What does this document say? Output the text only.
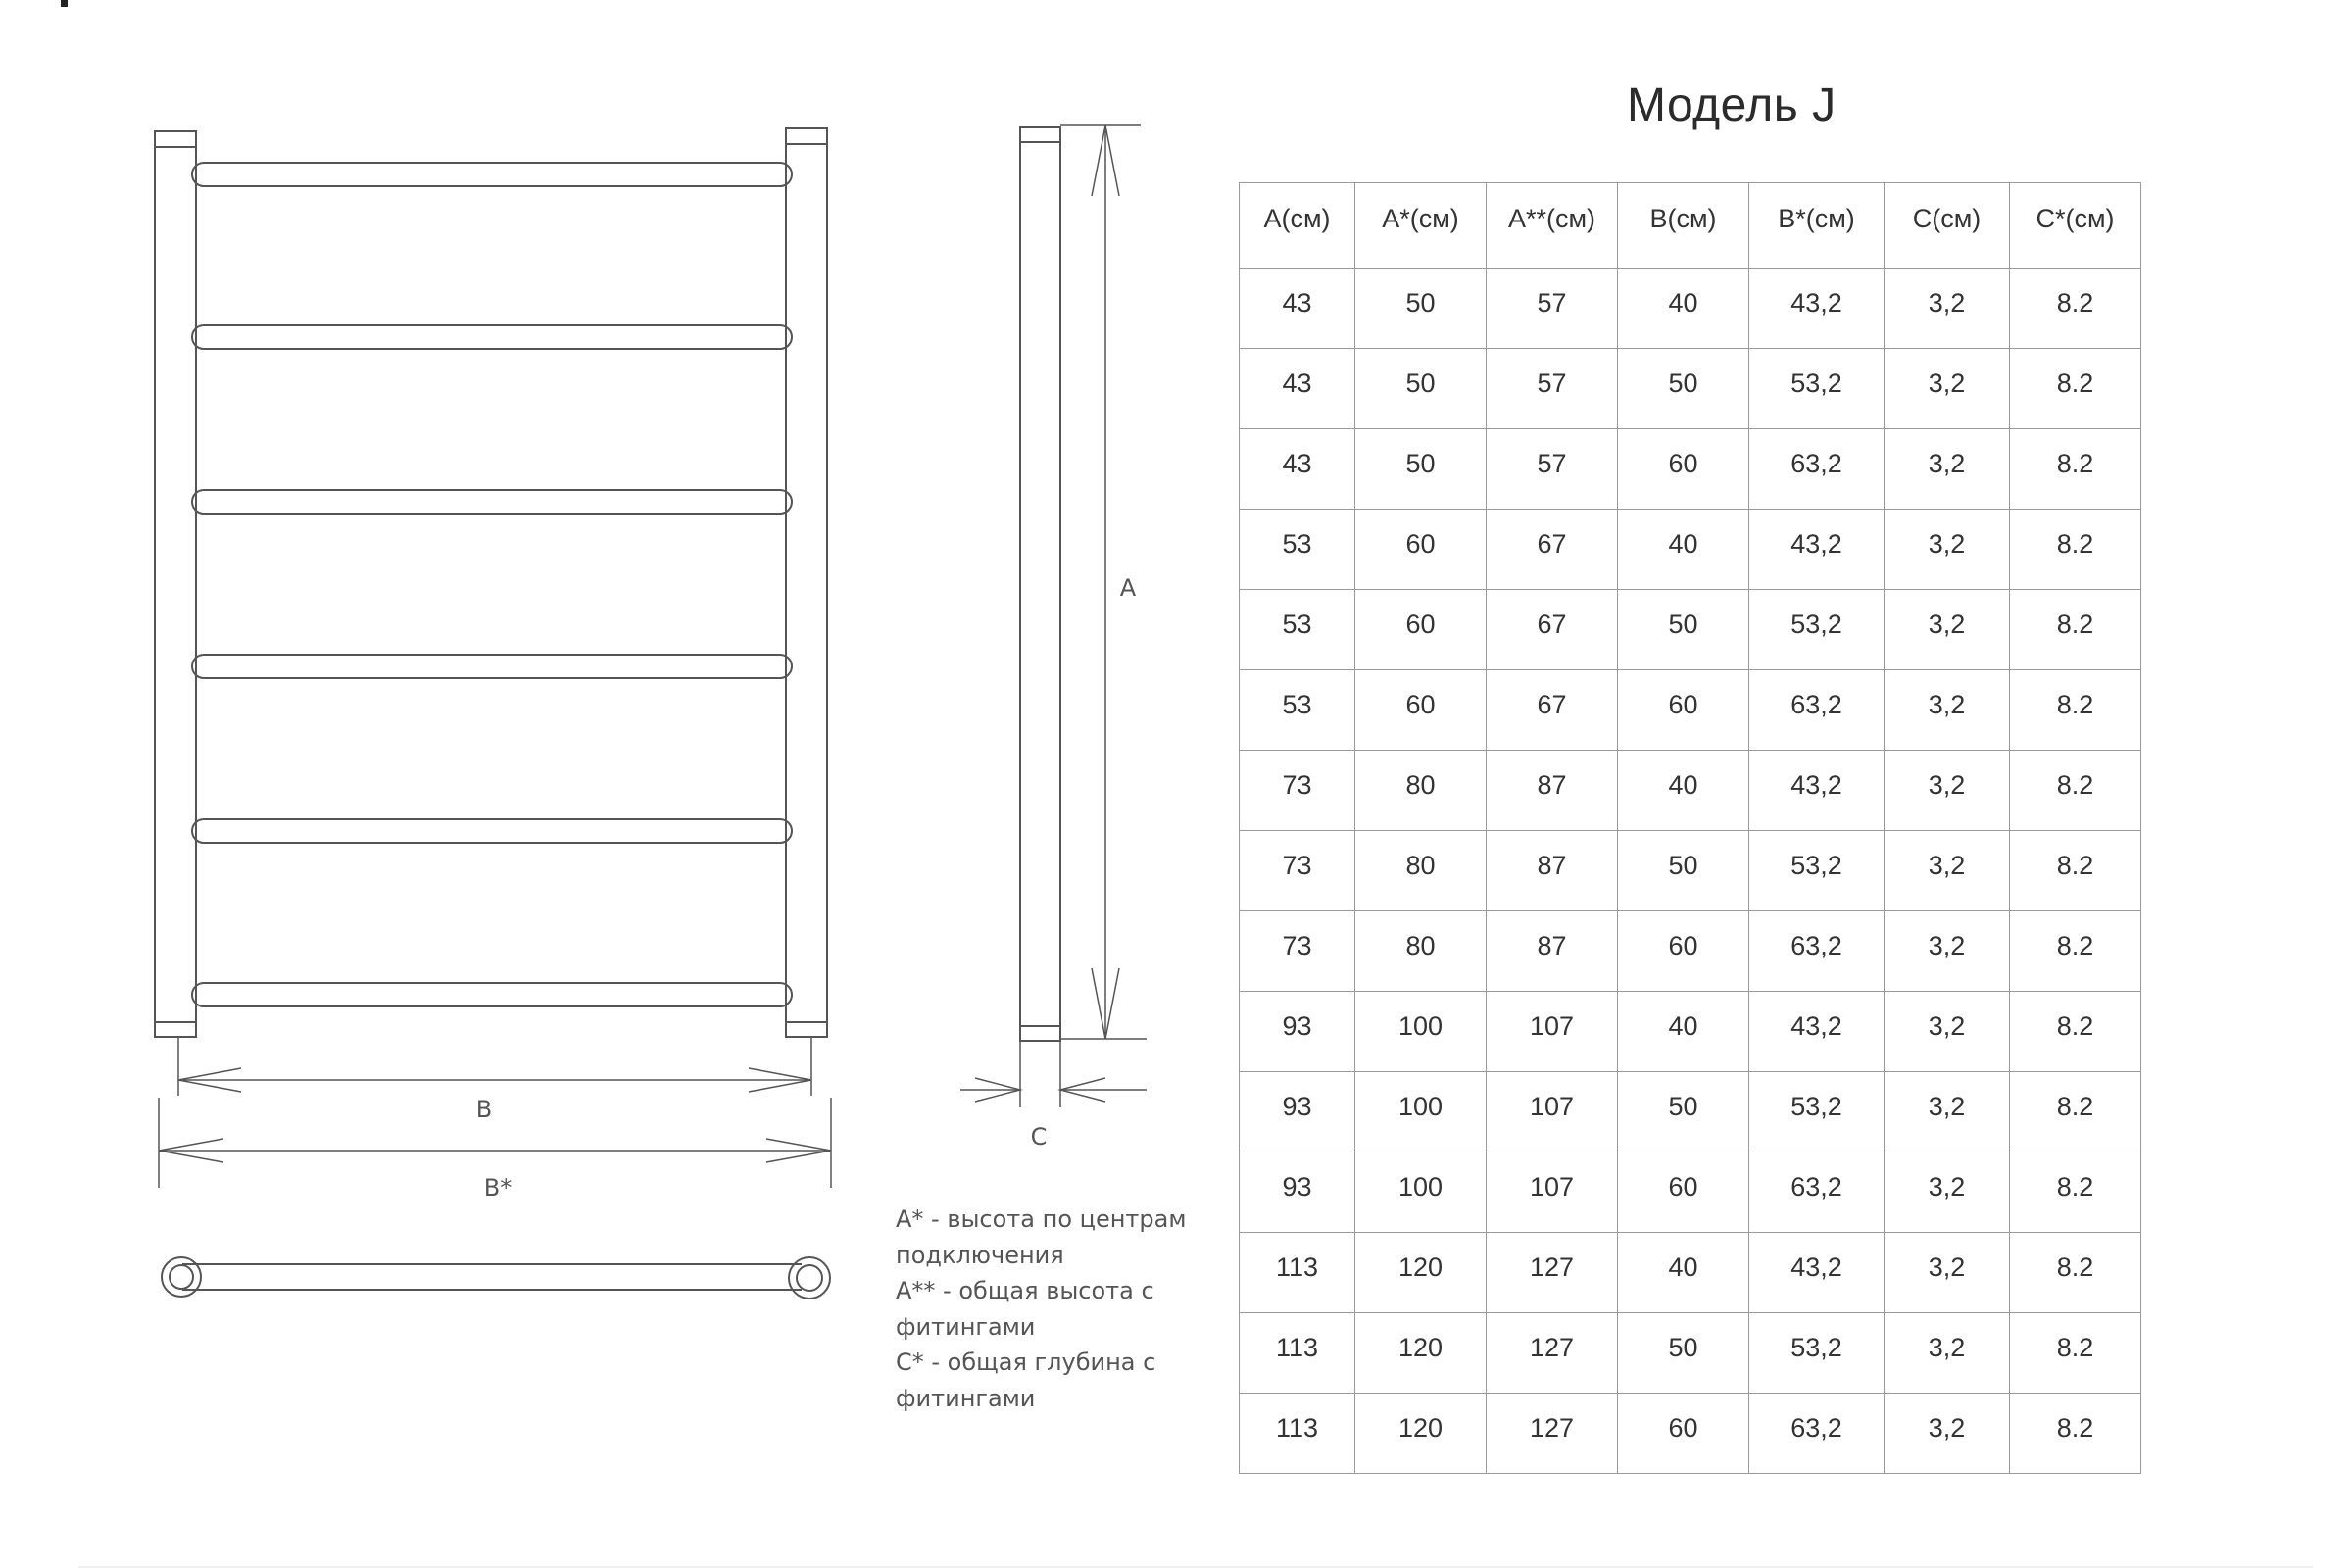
B
B*
A
C
A* - высота по центрам
подключения
A** - общая высота с
фитингами
C* - общая глубина с
фитингами
Модель J
A(см)	A*(см)	A**(см)	B(см)	B*(см)	C(см)	C*(см)
43	50	57	40	43,2	3,2	8.2
43	50	57	50	53,2	3,2	8.2
43	50	57	60	63,2	3,2	8.2
53	60	67	40	43,2	3,2	8.2
53	60	67	50	53,2	3,2	8.2
53	60	67	60	63,2	3,2	8.2
73	80	87	40	43,2	3,2	8.2
73	80	87	50	53,2	3,2	8.2
73	80	87	60	63,2	3,2	8.2
93	100	107	40	43,2	3,2	8.2
93	100	107	50	53,2	3,2	8.2
93	100	107	60	63,2	3,2	8.2
113	120	127	40	43,2	3,2	8.2
113	120	127	50	53,2	3,2	8.2
113	120	127	60	63,2	3,2	8.2
